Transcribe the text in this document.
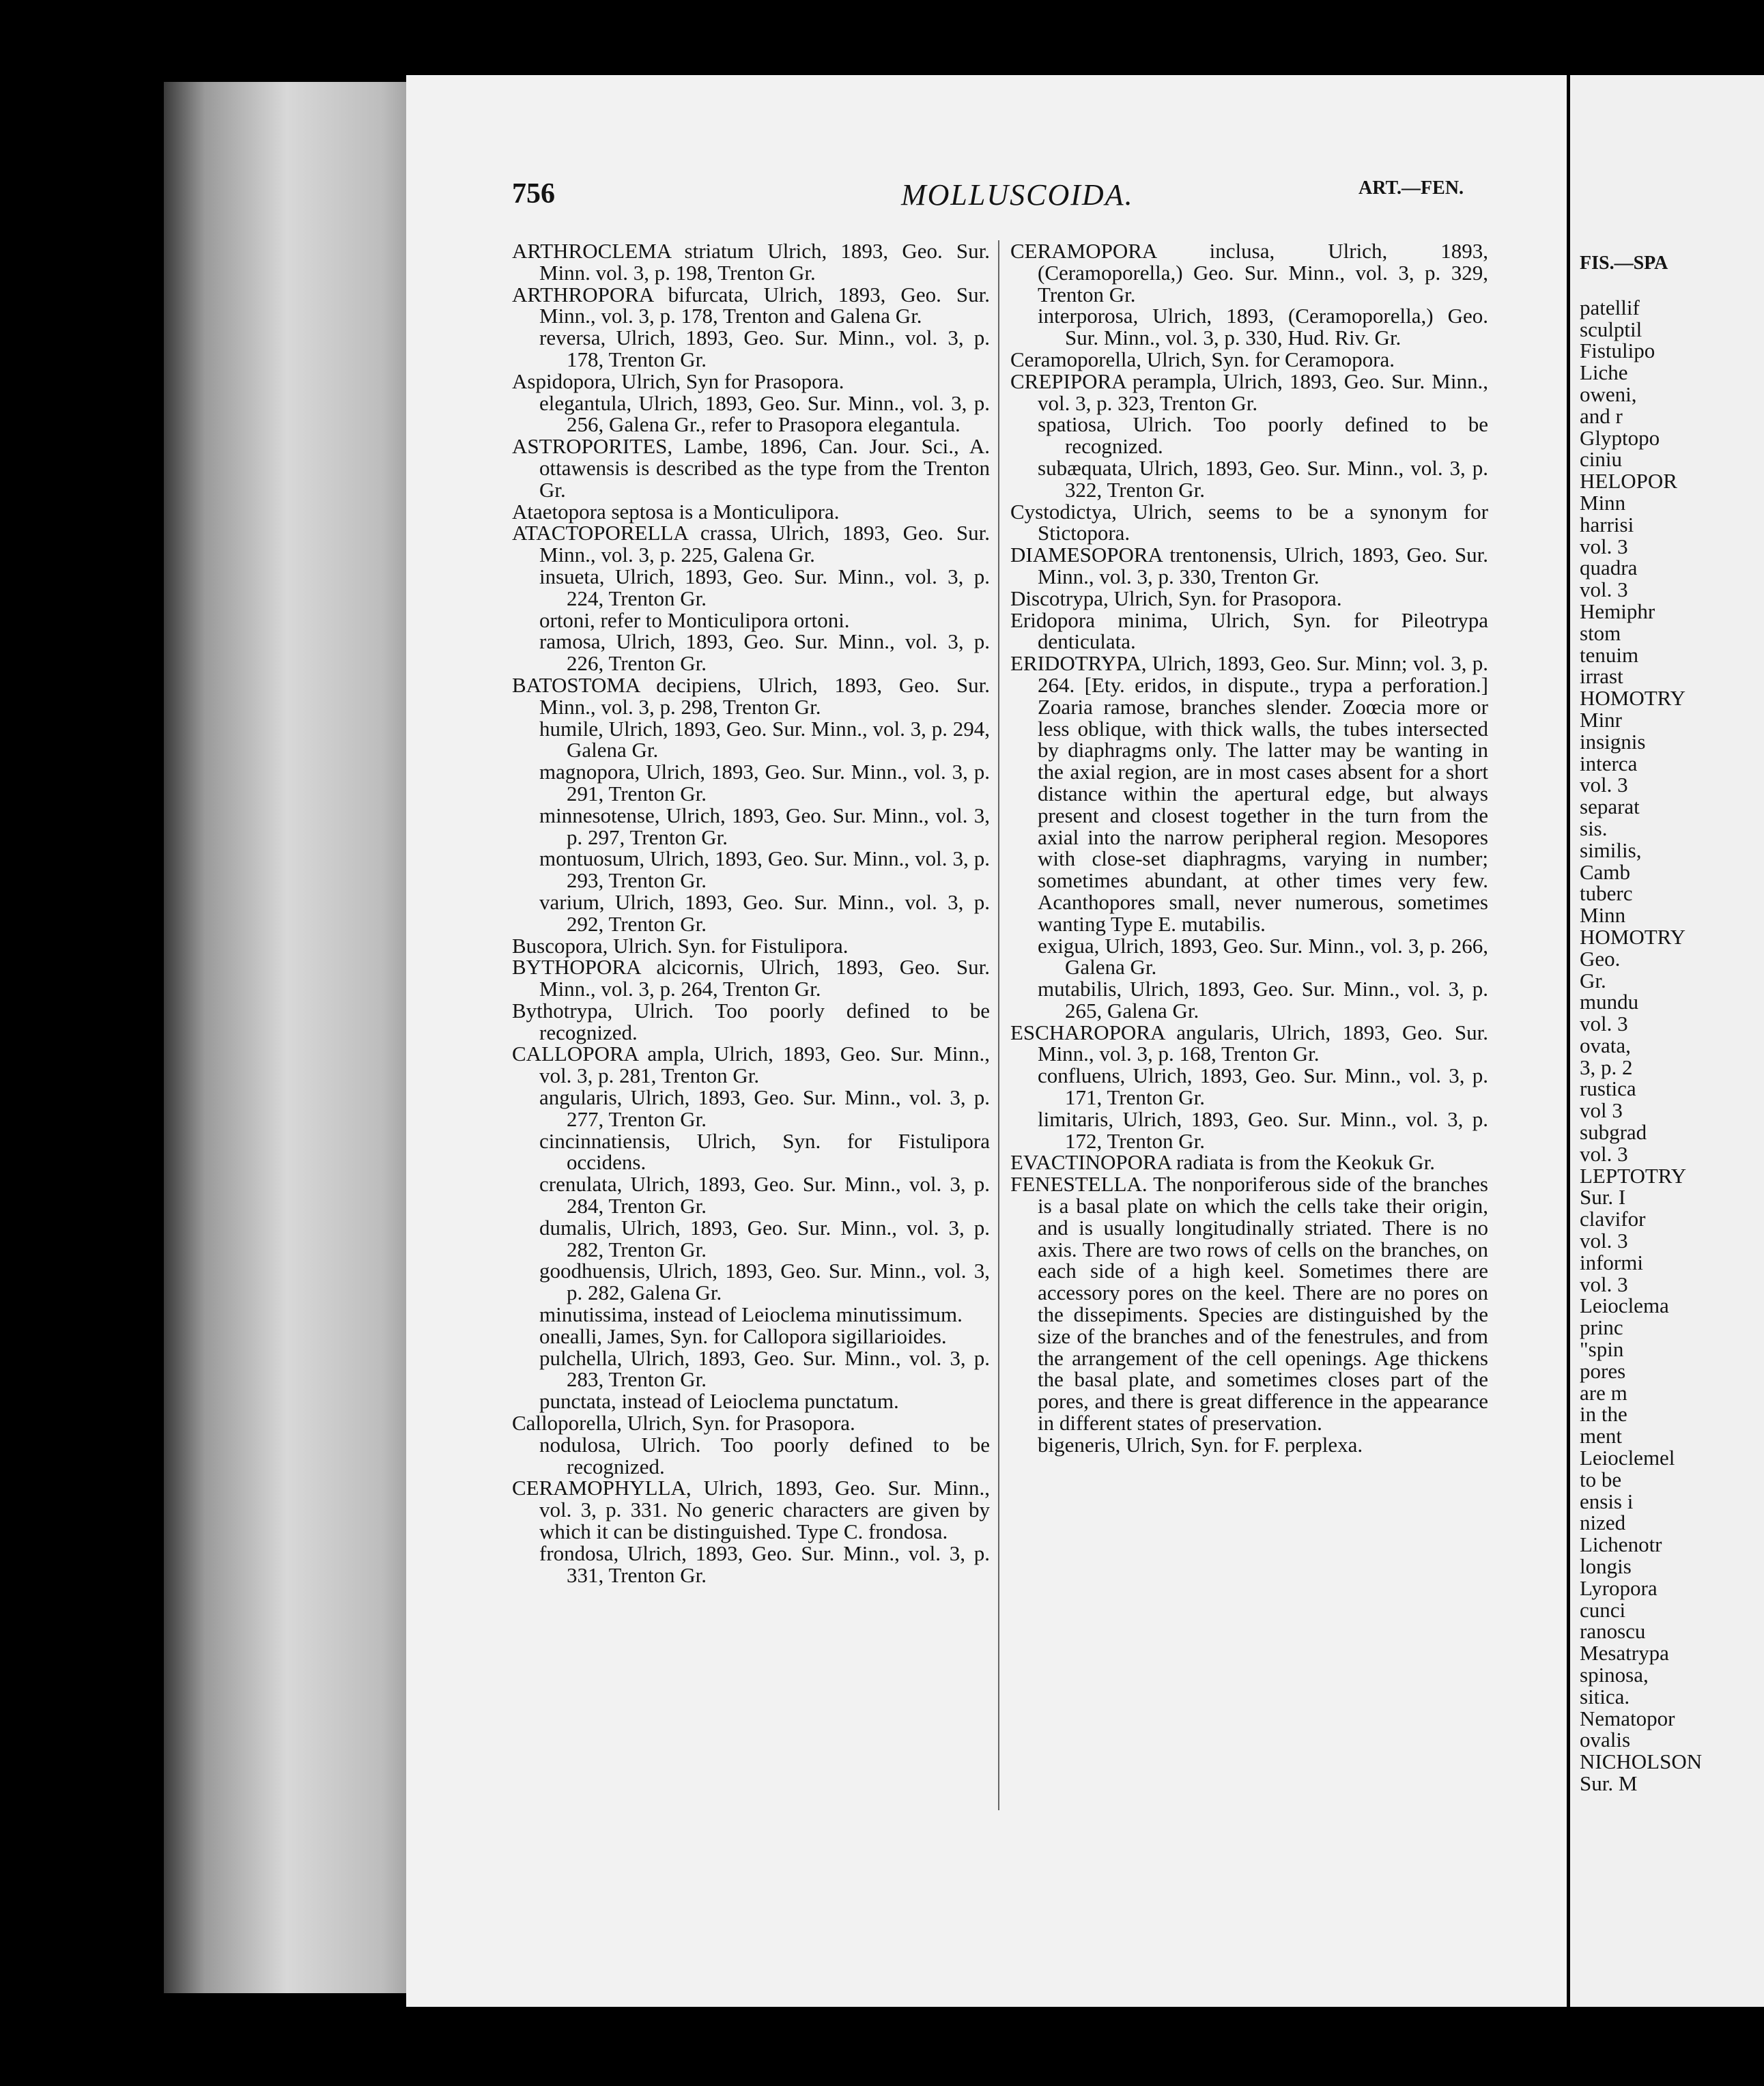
FIS.—SPA
patellif
sculptil
Fistulipo
Liche
oweni,
and r
Glyptopo
ciniu
HELOPOR
Minn
harrisi
vol. 3
quadra
vol. 3
Hemiphr
stom
tenuim
irrast
HOMOTRY
Minr
insignis
interca
vol. 3
separat
sis.
similis,
Camb
tuberc
Minn
HOMOTRY
Geo.
Gr.
mundu
vol. 3
ovata,
3, p. 2
rustica
vol 3
subgrad
vol. 3
LEPTOTRY
Sur. I
clavifor
vol. 3
informi
vol. 3
Leioclema
princ
"spin
pores
are m
in the
ment
Leioclemel
to be
ensis i
nized
Lichenotr
longis
Lyropora
cunci
ranoscu
Mesatrypa
spinosa,
sitica.
Nematopor
ovalis
NICHOLSON
Sur. M
756	MOLLUSCOIDA.	ART.—FEN.
ARTHROCLEMA striatum Ulrich, 1893, Geo. Sur. Minn. vol. 3, p. 198, Trenton Gr.
ARTHROPORA bifurcata, Ulrich, 1893, Geo. Sur. Minn., vol. 3, p. 178, Trenton and Galena Gr.
reversa, Ulrich, 1893, Geo. Sur. Minn., vol. 3, p. 178, Trenton Gr.
Aspidopora, Ulrich, Syn for Prasopora.
elegantula, Ulrich, 1893, Geo. Sur. Minn., vol. 3, p. 256, Galena Gr., refer to Prasopora elegantula.
ASTROPORITES, Lambe, 1896, Can. Jour. Sci., A. ottawensis is described as the type from the Trenton Gr.
Ataetopora septosa is a Monticulipora.
ATACTOPORELLA crassa, Ulrich, 1893, Geo. Sur. Minn., vol. 3, p. 225, Galena Gr.
insueta, Ulrich, 1893, Geo. Sur. Minn., vol. 3, p. 224, Trenton Gr.
ortoni, refer to Monticulipora ortoni.
ramosa, Ulrich, 1893, Geo. Sur. Minn., vol. 3, p. 226, Trenton Gr.
BATOSTOMA decipiens, Ulrich, 1893, Geo. Sur. Minn., vol. 3, p. 298, Trenton Gr.
humile, Ulrich, 1893, Geo. Sur. Minn., vol. 3, p. 294, Galena Gr.
magnopora, Ulrich, 1893, Geo. Sur. Minn., vol. 3, p. 291, Trenton Gr.
minnesotense, Ulrich, 1893, Geo. Sur. Minn., vol. 3, p. 297, Trenton Gr.
montuosum, Ulrich, 1893, Geo. Sur. Minn., vol. 3, p. 293, Trenton Gr.
varium, Ulrich, 1893, Geo. Sur. Minn., vol. 3, p. 292, Trenton Gr.
Buscopora, Ulrich. Syn. for Fistulipora.
BYTHOPORA alcicornis, Ulrich, 1893, Geo. Sur. Minn., vol. 3, p. 264, Trenton Gr.
Bythotrypa, Ulrich. Too poorly defined to be recognized.
CALLOPORA ampla, Ulrich, 1893, Geo. Sur. Minn., vol. 3, p. 281, Trenton Gr.
angularis, Ulrich, 1893, Geo. Sur. Minn., vol. 3, p. 277, Trenton Gr.
cincinnatiensis, Ulrich, Syn. for Fistulipora occidens.
crenulata, Ulrich, 1893, Geo. Sur. Minn., vol. 3, p. 284, Trenton Gr.
dumalis, Ulrich, 1893, Geo. Sur. Minn., vol. 3, p. 282, Trenton Gr.
goodhuensis, Ulrich, 1893, Geo. Sur. Minn., vol. 3, p. 282, Galena Gr.
minutissima, instead of Leioclema minutissimum.
onealli, James, Syn. for Callopora sigillarioides.
pulchella, Ulrich, 1893, Geo. Sur. Minn., vol. 3, p. 283, Trenton Gr.
punctata, instead of Leioclema punctatum.
Calloporella, Ulrich, Syn. for Prasopora.
nodulosa, Ulrich. Too poorly defined to be recognized.
CERAMOPHYLLA, Ulrich, 1893, Geo. Sur. Minn., vol. 3, p. 331. No generic characters are given by which it can be distinguished. Type C. frondosa.
frondosa, Ulrich, 1893, Geo. Sur. Minn., vol. 3, p. 331, Trenton Gr.
CERAMOPORA inclusa, Ulrich, 1893, (Ceramoporella,) Geo. Sur. Minn., vol. 3, p. 329, Trenton Gr.
interporosa, Ulrich, 1893, (Ceramoporella,) Geo. Sur. Minn., vol. 3, p. 330, Hud. Riv. Gr.
Ceramoporella, Ulrich, Syn. for Ceramopora.
CREPIPORA perampla, Ulrich, 1893, Geo. Sur. Minn., vol. 3, p. 323, Trenton Gr.
spatiosa, Ulrich. Too poorly defined to be recognized.
subæquata, Ulrich, 1893, Geo. Sur. Minn., vol. 3, p. 322, Trenton Gr.
Cystodictya, Ulrich, seems to be a synonym for Stictopora.
DIAMESOPORA trentonensis, Ulrich, 1893, Geo. Sur. Minn., vol. 3, p. 330, Trenton Gr.
Discotrypa, Ulrich, Syn. for Prasopora.
Eridopora minima, Ulrich, Syn. for Pileotrypa denticulata.
ERIDOTRYPA, Ulrich, 1893, Geo. Sur. Minn; vol. 3, p. 264. [Ety. eridos, in dispute., trypa a perforation.] Zoaria ramose, branches slender. Zoœcia more or less oblique, with thick walls, the tubes intersected by diaphragms only. The latter may be wanting in the axial region, are in most cases absent for a short distance within the apertural edge, but always present and closest together in the turn from the axial into the narrow peripheral region. Mesopores with close-set diaphragms, varying in number; sometimes abundant, at other times very few. Acanthopores small, never numerous, sometimes wanting Type E. mutabilis.
exigua, Ulrich, 1893, Geo. Sur. Minn., vol. 3, p. 266, Galena Gr.
mutabilis, Ulrich, 1893, Geo. Sur. Minn., vol. 3, p. 265, Galena Gr.
ESCHAROPORA angularis, Ulrich, 1893, Geo. Sur. Minn., vol. 3, p. 168, Trenton Gr.
confluens, Ulrich, 1893, Geo. Sur. Minn., vol. 3, p. 171, Trenton Gr.
limitaris, Ulrich, 1893, Geo. Sur. Minn., vol. 3, p. 172, Trenton Gr.
EVACTINOPORA radiata is from the Keokuk Gr.
FENESTELLA. The nonporiferous side of the branches is a basal plate on which the cells take their origin, and is usually longitudinally striated. There is no axis. There are two rows of cells on the branches, on each side of a high keel. Sometimes there are accessory pores on the keel. There are no pores on the dissepiments. Species are distinguished by the size of the branches and of the fenestrules, and from the arrangement of the cell openings. Age thickens the basal plate, and sometimes closes part of the pores, and there is great difference in the appearance in different states of preservation.
bigeneris, Ulrich, Syn. for F. perplexa.
